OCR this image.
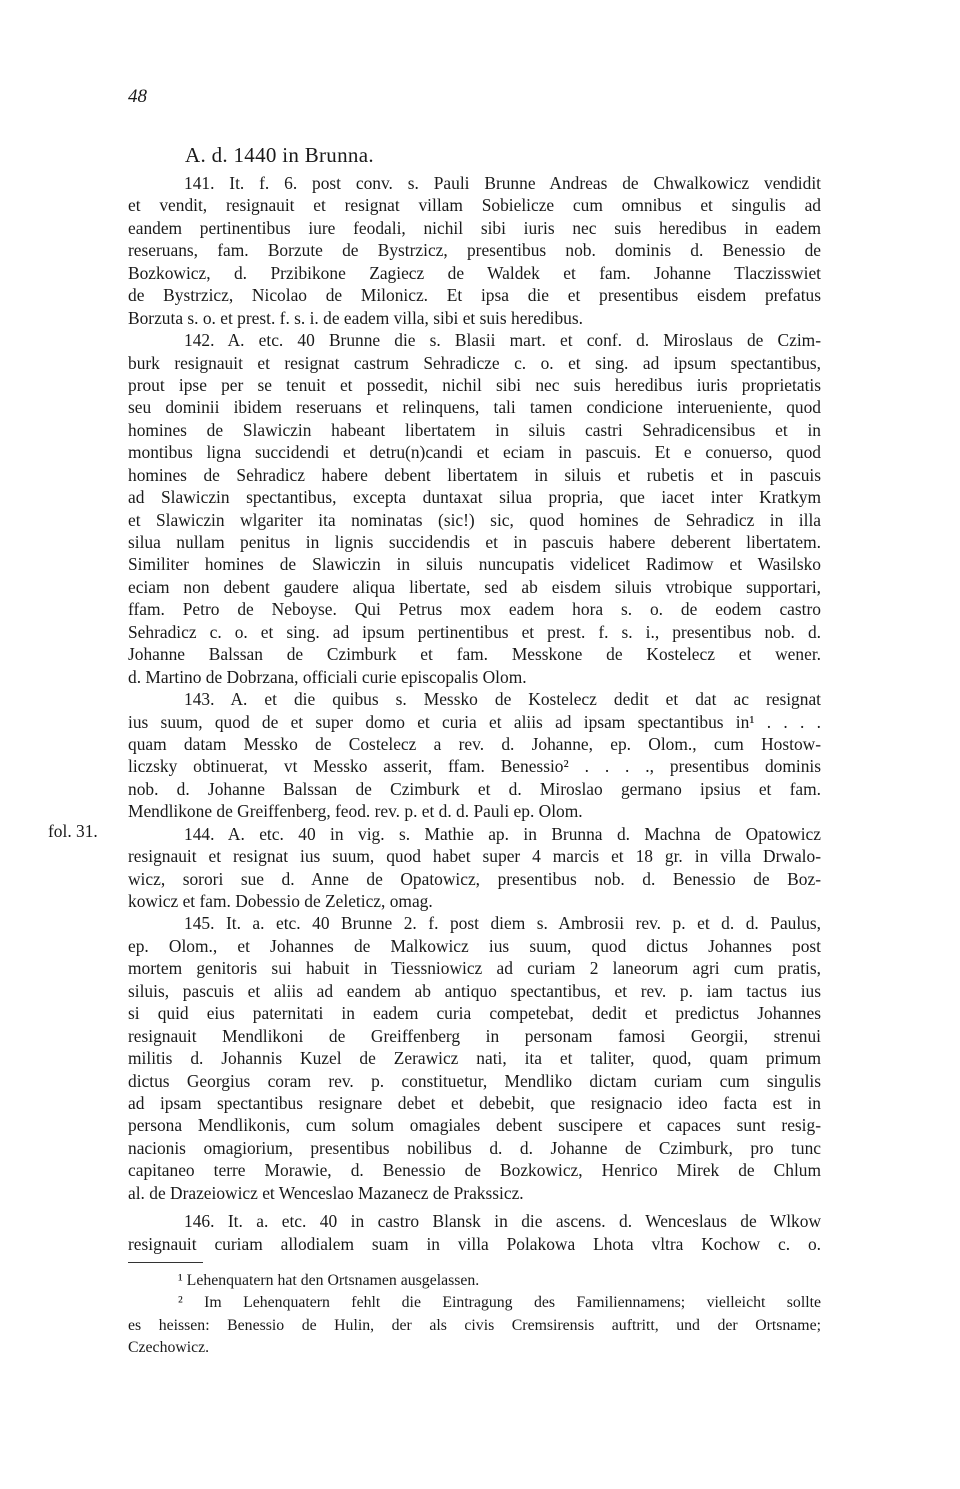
48
A. d. 1440 in Brunna.
fol. 31.
141. It. f. 6. post conv. s. Pauli Brunne Andreas de Chwalkowicz vendidit
et vendit, resignauit et resignat villam Sobielicze cum omnibus et singulis ad
eandem pertinentibus iure feodali, nichil sibi iuris nec suis heredibus in eadem
reseruans, fam. Borzute de Bystrzicz, presentibus nob. dominis d. Benessio de
Bozkowicz, d. Przibikone Zagiecz de Waldek et fam. Johanne Tlaczisswiet
de Bystrzicz, Nicolao de Milonicz. Et ipsa die et presentibus eisdem prefatus
Borzuta s. o. et prest. f. s. i. de eadem villa, sibi et suis heredibus.
142. A. etc. 40 Brunne die s. Blasii mart. et conf. d. Miroslaus de Czim-
burk resignauit et resignat castrum Sehradicze c. o. et sing. ad ipsum spectantibus,
prout ipse per se tenuit et possedit, nichil sibi nec suis heredibus iuris proprietatis
seu dominii ibidem reseruans et relinquens, tali tamen condicione interueniente, quod
homines de Slawiczin habeant libertatem in siluis castri Sehradicensibus et in
montibus ligna succidendi et detru(n)candi et eciam in pascuis. Et e conuerso, quod
homines de Sehradicz habere debent libertatem in siluis et rubetis et in pascuis
ad Slawiczin spectantibus, excepta duntaxat silua propria, que iacet inter Kratkym
et Slawiczin wlgariter ita nominatas (sic!) sic, quod homines de Sehradicz in illa
silua nullam penitus in lignis succidendis et in pascuis habere deberent libertatem.
Similiter homines de Slawiczin in siluis nuncupatis videlicet Radimow et Wasilsko
eciam non debent gaudere aliqua libertate, sed ab eisdem siluis vtrobique supportari,
ffam. Petro de Neboyse. Qui Petrus mox eadem hora s. o. de eodem castro
Sehradicz c. o. et sing. ad ipsum pertinentibus et prest. f. s. i., presentibus nob. d.
Johanne Balssan de Czimburk et fam. Messkone de Kostelecz et wener.
d. Martino de Dobrzana, officiali curie episcopalis Olom.
143. A. et die quibus s. Messko de Kostelecz dedit et dat ac resignat
ius suum, quod de et super domo et curia et aliis ad ipsam spectantibus in¹ . . . .
quam datam Messko de Costelecz a rev. d. Johanne, ep. Olom., cum Hostow-
liczsky obtinuerat, vt Messko asserit, ffam. Benessio² . . . ., presentibus dominis
nob. d. Johanne Balssan de Czimburk et d. Miroslao germano ipsius et fam.
Mendlikone de Greiffenberg, feod. rev. p. et d. d. Pauli ep. Olom.
144. A. etc. 40 in vig. s. Mathie ap. in Brunna d. Machna de Opatowicz
resignauit et resignat ius suum, quod habet super 4 marcis et 18 gr. in villa Drwalo-
wicz, sorori sue d. Anne de Opatowicz, presentibus nob. d. Benessio de Boz-
kowicz et fam. Dobessio de Zeleticz, omag.
145. It. a. etc. 40 Brunne 2. f. post diem s. Ambrosii rev. p. et d. d. Paulus,
ep. Olom., et Johannes de Malkowicz ius suum, quod dictus Johannes post
mortem genitoris sui habuit in Tiessniowicz ad curiam 2 laneorum agri cum pratis,
siluis, pascuis et aliis ad eandem ab antiquo spectantibus, et rev. p. iam tactus ius
si quid eius paternitati in eadem curia competebat, dedit et predictus Johannes
resignauit Mendlikoni de Greiffenberg in personam famosi Georgii, strenui
militis d. Johannis Kuzel de Zerawicz nati, ita et taliter, quod, quam primum
dictus Georgius coram rev. p. constituetur, Mendliko dictam curiam cum singulis
ad ipsam spectantibus resignare debet et debebit, que resignacio ideo facta est in
persona Mendlikonis, cum solum omagiales debent suscipere et capaces sunt resig-
nacionis omagiorium, presentibus nobilibus d. d. Johanne de Czimburk, pro tunc
capitaneo terre Morawie, d. Benessio de Bozkowicz, Henrico Mirek de Chlum
al. de Drazeiowicz et Wenceslao Mazanecz de Prakssicz.
146. It. a. etc. 40 in castro Blansk in die ascens. d. Wenceslaus de Wlkow
resignauit curiam allodialem suam in villa Polakowa Lhota vltra Kochow c. o.
¹ Lehenquatern hat den Ortsnamen ausgelassen.
² Im Lehenquatern fehlt die Eintragung des Familiennamens; vielleicht sollte
es heissen: Benessio de Hulin, der als civis Cremsirensis auftritt, und der Ortsname;
Czechowicz.
